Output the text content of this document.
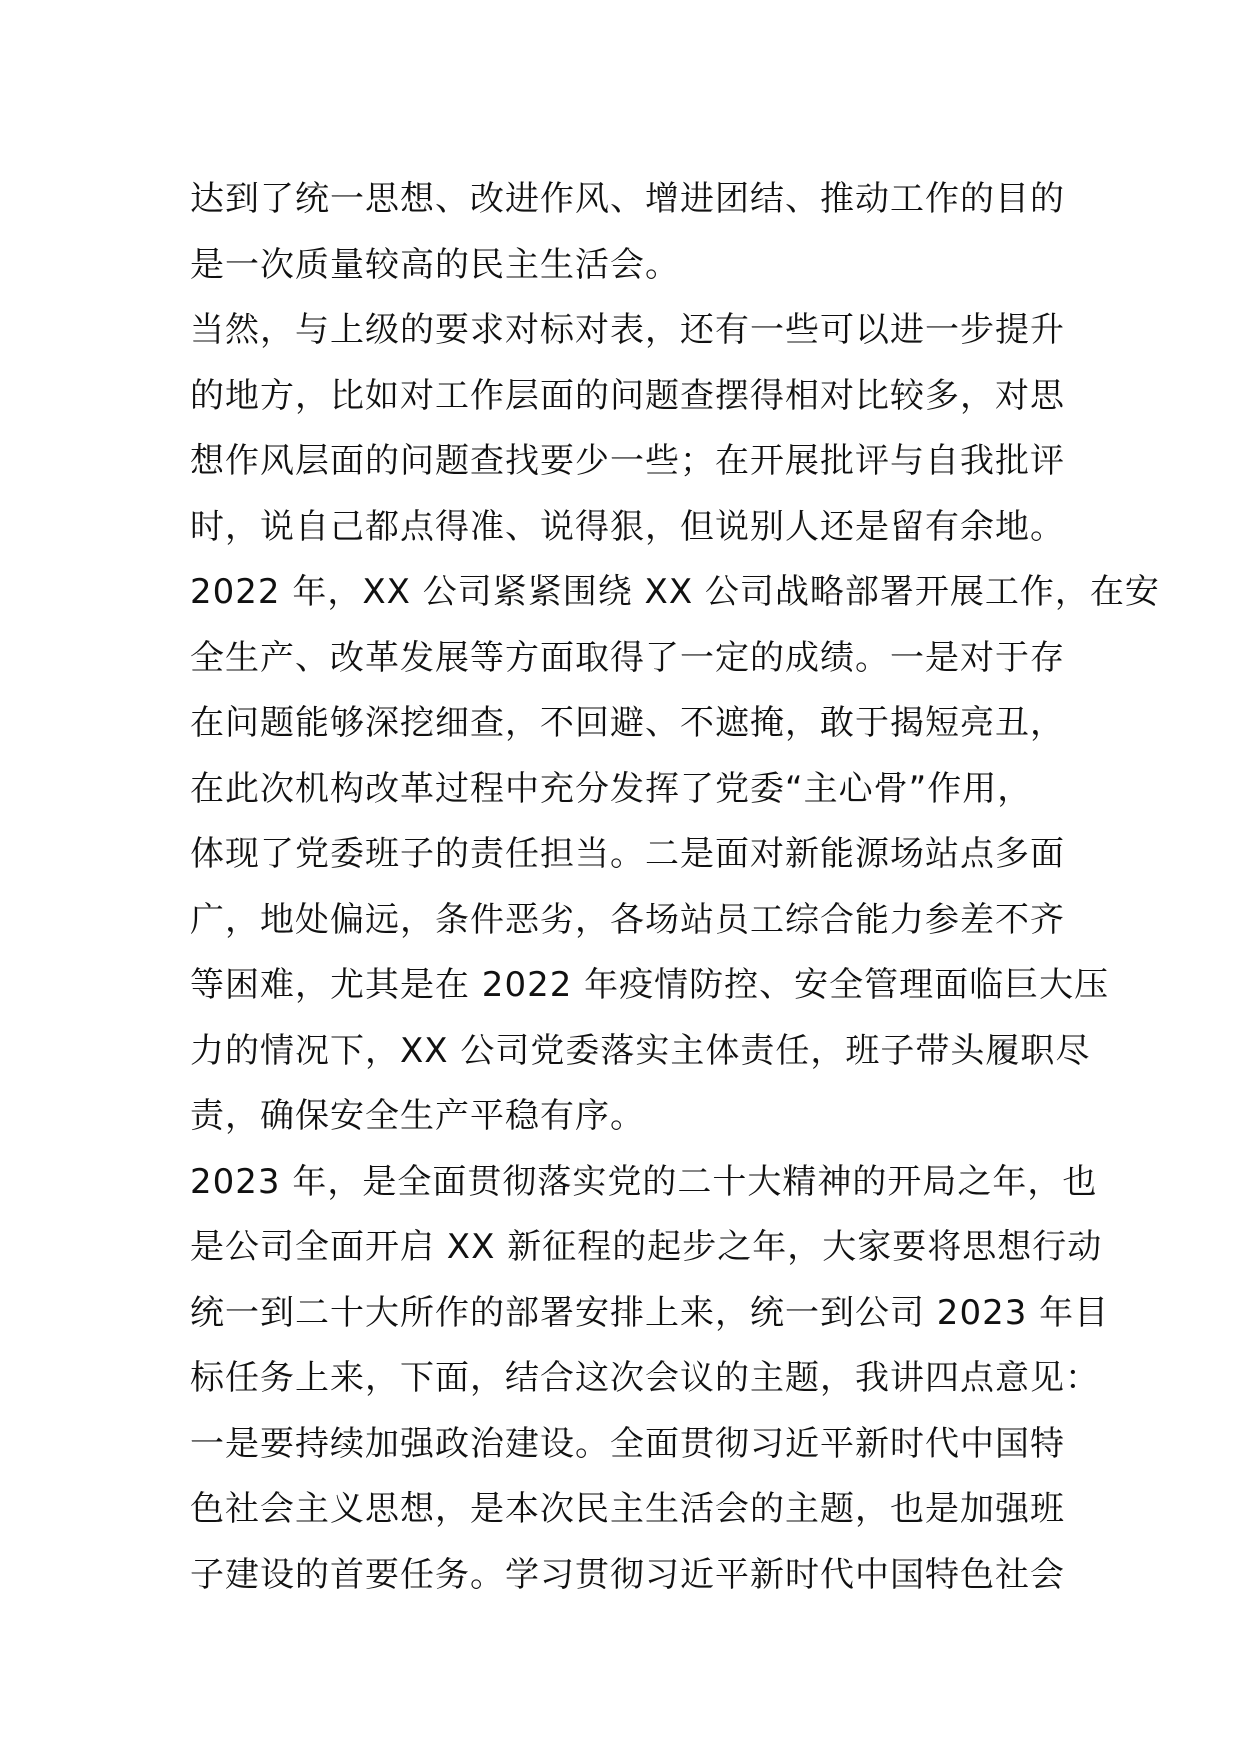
达到了统一思想、改进作风、增进团结、推动工作的目的
是一次质量较高的民主生活会。
当然，与上级的要求对标对表，还有一些可以进一步提升
的地方，比如对工作层面的问题查摆得相对比较多，对思
想作风层面的问题查找要少一些；在开展批评与自我批评
时，说自己都点得准、说得狠，但说别人还是留有余地。
2022 年，XX 公司紧紧围绕 XX 公司战略部署开展工作，在安
全生产、改革发展等方面取得了一定的成绩。一是对于存
在问题能够深挖细查，不回避、不遮掩，敢于揭短亮丑，
在此次机构改革过程中充分发挥了党委“主心骨”作用，
体现了党委班子的责任担当。二是面对新能源场站点多面
广，地处偏远，条件恶劣，各场站员工综合能力参差不齐
等困难，尤其是在 2022 年疫情防控、安全管理面临巨大压
力的情况下，XX 公司党委落实主体责任，班子带头履职尽
责，确保安全生产平稳有序。
2023 年，是全面贯彻落实党的二十大精神的开局之年，也
是公司全面开启 XX 新征程的起步之年，大家要将思想行动
统一到二十大所作的部署安排上来，统一到公司 2023 年目
标任务上来，下面，结合这次会议的主题，我讲四点意见：
一是要持续加强政治建设。全面贯彻习近平新时代中国特
色社会主义思想，是本次民主生活会的主题，也是加强班
子建设的首要任务。学习贯彻习近平新时代中国特色社会
